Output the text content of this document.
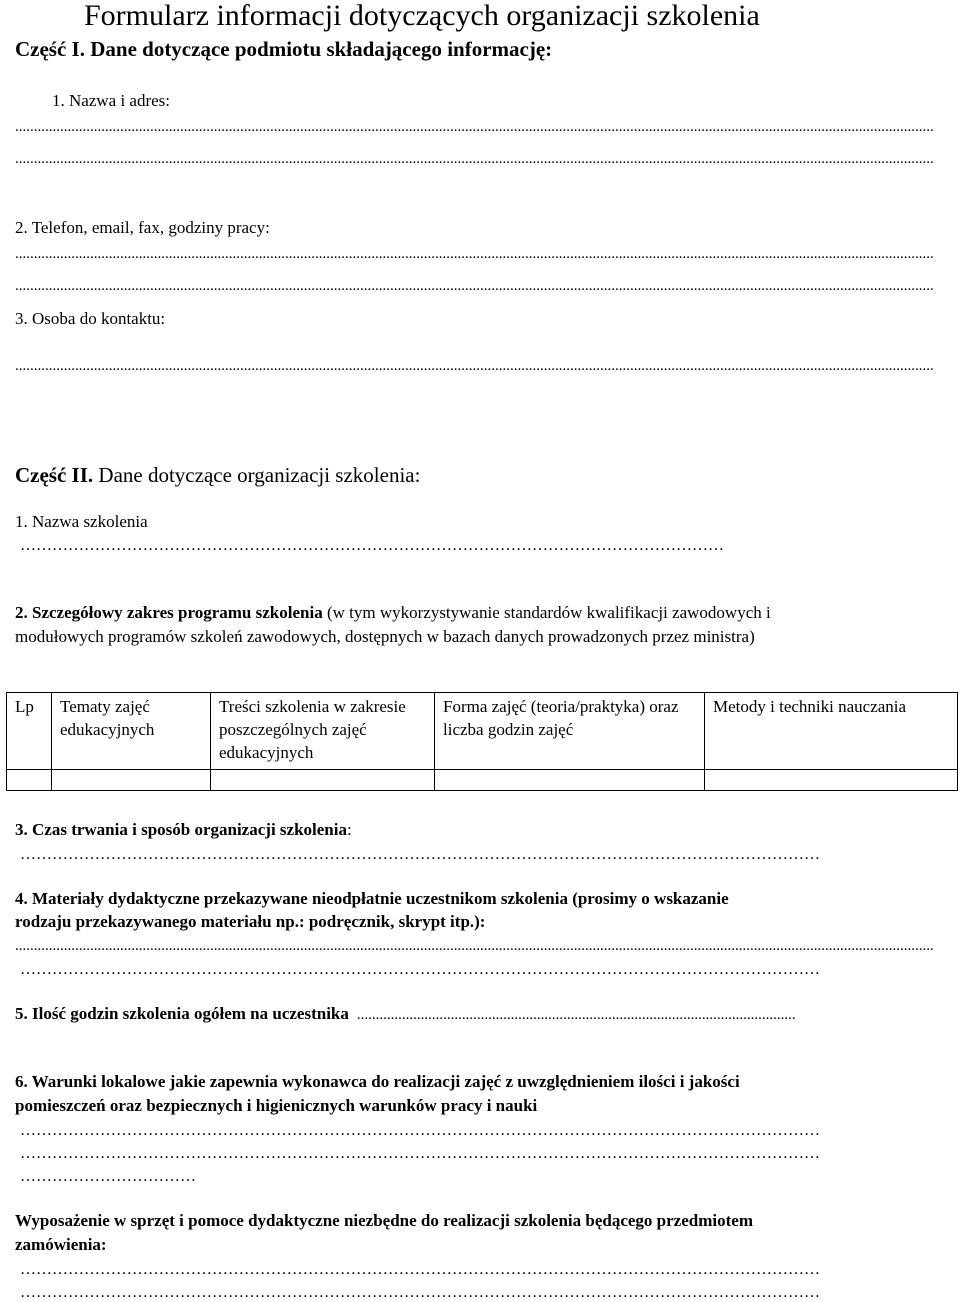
Formularz informacji dotyczących organizacji szkolenia
Część I. Dane dotyczące podmiotu składającego informację:
1. Nazwa i adres:
.....................................................................................................................................................................................................................................................
.....................................................................................................................................................................................................................................................
2. Telefon, email, fax, godziny pracy:
.....................................................................................................................................................................................................................................................
.....................................................................................................................................................................................................................................................
3. Osoba do kontaktu:
.....................................................................................................................................................................................................................................................
Część II. Dane dotyczące organizacji szkolenia:
1. Nazwa szkolenia
……………………………………………………………………………………………………………………
2. Szczegółowy zakres programu szkolenia (w tym wykorzystywanie standardów kwalifikacji zawodowych i
modułowych programów szkoleń zawodowych, dostępnych w bazach danych prowadzonych przez ministra)
Lp	Tematy zajęć edukacyjnych	Treści szkolenia w zakresie poszczególnych zajęć edukacyjnych	Forma zajęć (teoria/praktyka) oraz liczba godzin zajęć	Metody i techniki nauczania

3. Czas trwania i sposób organizacji szkolenia:
……………………………………………………………………………………………………………………………………
4. Materiały dydaktyczne przekazywane nieodpłatnie uczestnikom szkolenia (prosimy o wskazanie
rodzaju przekazywanego materiału np.: podręcznik, skrypt itp.):
.....................................................................................................................................................................................................................................................
……………………………………………………………………………………………………………………………………
5. Ilość godzin szkolenia ogółem na uczestnika .....................................................................................................................
6. Warunki lokalowe jakie zapewnia wykonawca do realizacji zajęć z uwzględnieniem ilości i jakości
pomieszczeń oraz bezpiecznych i higienicznych warunków pracy i nauki
……………………………………………………………………………………………………………………………………
……………………………………………………………………………………………………………………………………
……………………………
Wyposażenie w sprzęt i pomoce dydaktyczne niezbędne do realizacji szkolenia będącego przedmiotem
zamówienia:
……………………………………………………………………………………………………………………………………
……………………………………………………………………………………………………………………………………
